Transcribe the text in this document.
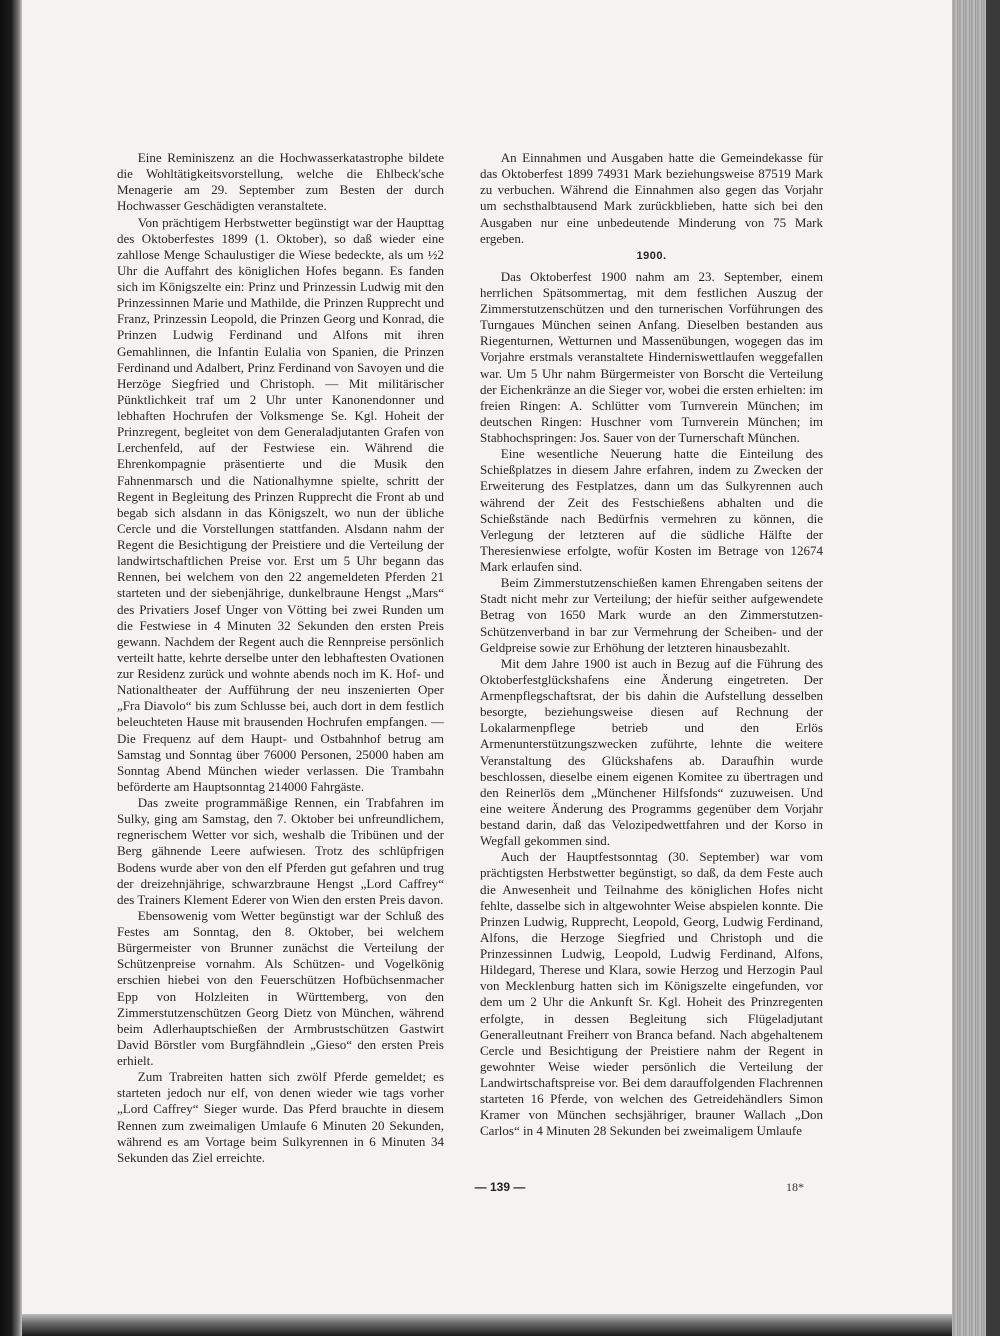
Eine Reminiszenz an die Hochwasserkatastrophe bildete die Wohltätigkeitsvorstellung, welche die Ehlbeck'sche Menagerie am 29. September zum Besten der durch Hochwasser Geschädigten veranstaltete.

Von prächtigem Herbstwetter begünstigt war der Haupttag des Oktoberfestes 1899 (1. Oktober), so daß wieder eine zahllose Menge Schaulustiger die Wiese bedeckte, als um ½2 Uhr die Auffahrt des königlichen Hofes begann. Es fanden sich im Königszelte ein: Prinz und Prinzessin Ludwig mit den Prinzessinnen Marie und Mathilde, die Prinzen Rupprecht und Franz, Prinzessin Leopold, die Prinzen Georg und Konrad, die Prinzen Ludwig Ferdinand und Alfons mit ihren Gemahlinnen, die Infantin Eulalia von Spanien, die Prinzen Ferdinand und Adalbert, Prinz Ferdinand von Savoyen und die Herzöge Siegfried und Christoph. — Mit militärischer Pünktlichkeit traf um 2 Uhr unter Kanonendonner und lebhaften Hochrufen der Volksmenge Se. Kgl. Hoheit der Prinzregent, begleitet von dem Generaladjutanten Grafen von Lerchenfeld, auf der Festwiese ein. Während die Ehrenkompagnie präsentierte und die Musik den Fahnenmarsch und die Nationalhymne spielte, schritt der Regent in Begleitung des Prinzen Rupprecht die Front ab und begab sich alsdann in das Königszelt, wo nun der übliche Cercle und die Vorstellungen stattfanden. Alsdann nahm der Regent die Besichtigung der Preistiere und die Verteilung der landwirtschaftlichen Preise vor. Erst um 5 Uhr begann das Rennen, bei welchem von den 22 angemeldeten Pferden 21 starteten und der siebenjährige, dunkelbraune Hengst „Mars“ des Privatiers Josef Unger von Vötting bei zwei Runden um die Festwiese in 4 Minuten 32 Sekunden den ersten Preis gewann. Nachdem der Regent auch die Rennpreise persönlich verteilt hatte, kehrte derselbe unter den lebhaftesten Ovationen zur Residenz zurück und wohnte abends noch im K. Hof- und Nationaltheater der Aufführung der neu inszenierten Oper „Fra Diavolo“ bis zum Schlusse bei, auch dort in dem festlich beleuchteten Hause mit brausenden Hochrufen empfangen. — Die Frequenz auf dem Haupt- und Ostbahnhof betrug am Samstag und Sonntag über 76000 Personen, 25000 haben am Sonntag Abend München wieder verlassen. Die Trambahn beförderte am Hauptsonntag 214000 Fahrgäste.

Das zweite programmäßige Rennen, ein Trabfahren im Sulky, ging am Samstag, den 7. Oktober bei unfreundlichem, regnerischem Wetter vor sich, weshalb die Tribünen und der Berg gähnende Leere aufwiesen. Trotz des schlüpfrigen Bodens wurde aber von den elf Pferden gut gefahren und trug der dreizehnjährige, schwarzbraune Hengst „Lord Caffrey“ des Trainers Klement Ederer von Wien den ersten Preis davon.

Ebensowenig vom Wetter begünstigt war der Schluß des Festes am Sonntag, den 8. Oktober, bei welchem Bürgermeister von Brunner zunächst die Verteilung der Schützenpreise vornahm. Als Schützen- und Vogelkönig erschien hiebei von den Feuerschützen Hofbüchsenmacher Epp von Holzleiten in Württemberg, von den Zimmerstutzenschützen Georg Dietz von München, während beim Adlerhauptschießen der Armbrustschützen Gastwirt David Börstler vom Burgfähndlein „Gieso“ den ersten Preis erhielt.

Zum Trabreiten hatten sich zwölf Pferde gemeldet; es starteten jedoch nur elf, von denen wieder wie tags vorher „Lord Caffrey“ Sieger wurde. Das Pferd brauchte in diesem Rennen zum zweimaligen Umlaufe 6 Minuten 20 Sekunden, während es am Vortage beim Sulkyrennen in 6 Minuten 34 Sekunden das Ziel erreichte.

An Einnahmen und Ausgaben hatte die Gemeindekasse für das Oktoberfest 1899 74931 Mark beziehungsweise 87519 Mark zu verbuchen. Während die Einnahmen also gegen das Vorjahr um sechsthalbtausend Mark zurückblieben, hatte sich bei den Ausgaben nur eine unbedeutende Minderung von 75 Mark ergeben.

1900.

Das Oktoberfest 1900 nahm am 23. September, einem herrlichen Spätsommertag, mit dem festlichen Auszug der Zimmerstutzenschützen und den turnerischen Vorführungen des Turngaues München seinen Anfang. Dieselben bestanden aus Riegenturnen, Wetturnen und Massenübungen, wogegen das im Vorjahre erstmals veranstaltete Hinderniswettlaufen weggefallen war. Um 5 Uhr nahm Bürgermeister von Borscht die Verteilung der Eichenkränze an die Sieger vor, wobei die ersten erhielten: im freien Ringen: A. Schlütter vom Turnverein München; im deutschen Ringen: Huschner vom Turnverein München; im Stabhochspringen: Jos. Sauer von der Turnerschaft München.

Eine wesentliche Neuerung hatte die Einteilung des Schießplatzes in diesem Jahre erfahren, indem zu Zwecken der Erweiterung des Festplatzes, dann um das Sulkyrennen auch während der Zeit des Festschießens abhalten und die Schießstände nach Bedürfnis vermehren zu können, die Verlegung der letzteren auf die südliche Hälfte der Theresienwiese erfolgte, wofür Kosten im Betrage von 12674 Mark erlaufen sind.

Beim Zimmerstutzenschießen kamen Ehrengaben seitens der Stadt nicht mehr zur Verteilung; der hiefür seither aufgewendete Betrag von 1650 Mark wurde an den Zimmerstutzen-Schützenverband in bar zur Vermehrung der Scheiben- und der Geldpreise sowie zur Erhöhung der letzteren hinausbezahlt.

Mit dem Jahre 1900 ist auch in Bezug auf die Führung des Oktoberfestglückshafens eine Änderung eingetreten. Der Armenpflegschaftsrat, der bis dahin die Aufstellung desselben besorgte, beziehungsweise diesen auf Rechnung der Lokalarmenpflege betrieb und den Erlös Armenunterstützungszwecken zuführte, lehnte die weitere Veranstaltung des Glückshafens ab. Daraufhin wurde beschlossen, dieselbe einem eigenen Komitee zu übertragen und den Reinerlös dem „Münchener Hilfsfonds“ zuzuweisen. Und eine weitere Änderung des Programms gegenüber dem Vorjahr bestand darin, daß das Velozipedwettfahren und der Korso in Wegfall gekommen sind.

Auch der Hauptfestsonntag (30. September) war vom prächtigsten Herbstwetter begünstigt, so daß, da dem Feste auch die Anwesenheit und Teilnahme des königlichen Hofes nicht fehlte, dasselbe sich in altgewohnter Weise abspielen konnte. Die Prinzen Ludwig, Rupprecht, Leopold, Georg, Ludwig Ferdinand, Alfons, die Herzoge Siegfried und Christoph und die Prinzessinnen Ludwig, Leopold, Ludwig Ferdinand, Alfons, Hildegard, Therese und Klara, sowie Herzog und Herzogin Paul von Mecklenburg hatten sich im Königszelte eingefunden, vor dem um 2 Uhr die Ankunft Sr. Kgl. Hoheit des Prinzregenten erfolgte, in dessen Begleitung sich Flügeladjutant Generalleutnant Freiherr von Branca befand. Nach abgehaltenem Cercle und Besichtigung der Preistiere nahm der Regent in gewohnter Weise wieder persönlich die Verteilung der Landwirtschaftspreise vor. Bei dem darauffolgenden Flachrennen starteten 16 Pferde, von welchen des Getreidehändlers Simon Kramer von München sechsjähriger, brauner Wallach „Don Carlos“ in 4 Minuten 28 Sekunden bei zweimaligem Umlaufe

— 139 —	18*
